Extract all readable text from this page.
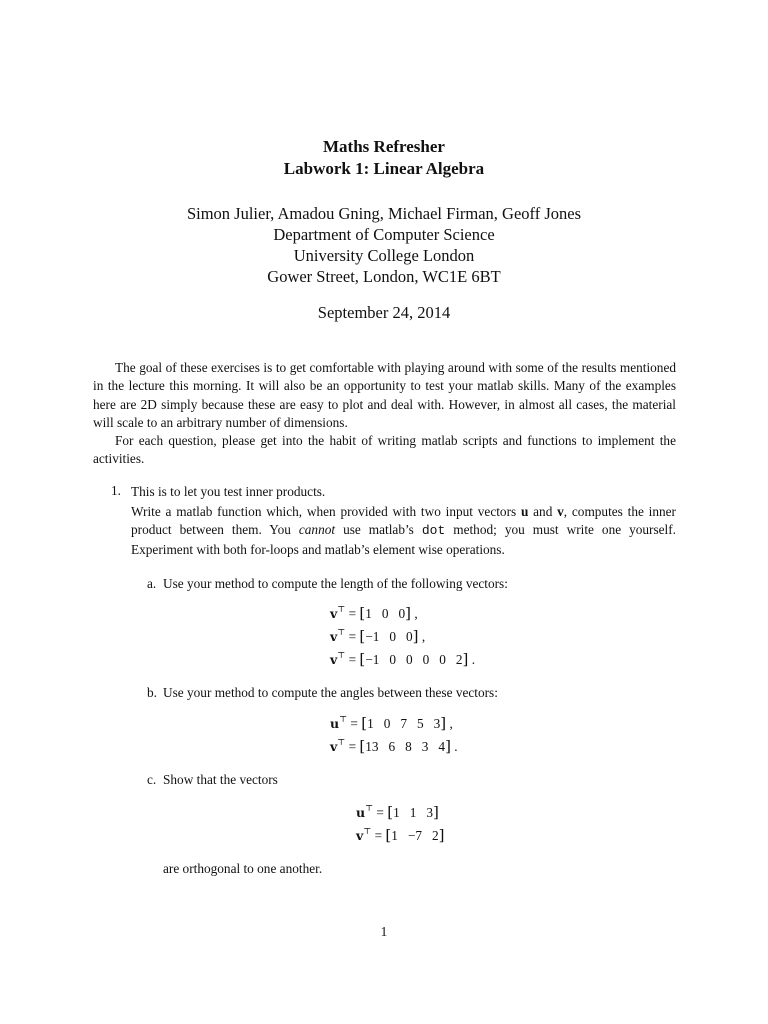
Maths Refresher
Labwork 1: Linear Algebra
Simon Julier, Amadou Gning, Michael Firman, Geoff Jones
Department of Computer Science
University College London
Gower Street, London, WC1E 6BT
September 24, 2014
The goal of these exercises is to get comfortable with playing around with some of the results mentioned in the lecture this morning. It will also be an opportunity to test your matlab skills. Many of the examples here are 2D simply because these are easy to plot and deal with. However, in almost all cases, the material will scale to an arbitrary number of dimensions.
For each question, please get into the habit of writing matlab scripts and functions to implement the activities.
1. This is to let you test inner products.
Write a matlab function which, when provided with two input vectors u and v, computes the inner product between them. You cannot use matlab’s dot method; you must write one yourself. Experiment with both for-loops and matlab’s element wise operations.
a. Use your method to compute the length of the following vectors:
v⊤ = [1   0   0] ,
v⊤ = [−1   0   0] ,
v⊤ = [−1   0   0   0   0   2] .
b. Use your method to compute the angles between these vectors:
u⊤ = [1   0   7   5   3] ,
v⊤ = [13   6   8   3   4] .
c. Show that the vectors
u⊤ = [1   1   3]
v⊤ = [1   −7   2]
are orthogonal to one another.
1
